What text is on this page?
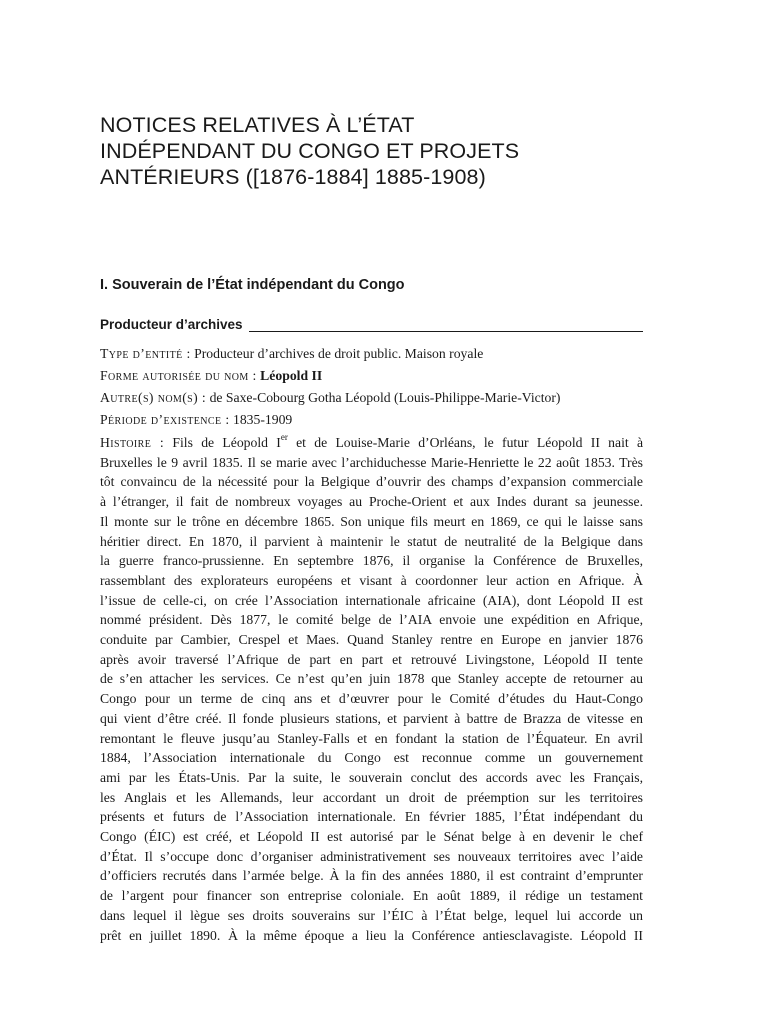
NOTICES RELATIVES À L’ÉTAT
INDÉPENDANT DU CONGO ET PROJETS
ANTÉRIEURS ([1876-1884] 1885-1908)
I. Souverain de l’État indépendant du Congo
Producteur d’archives

Type d’entité : Producteur d’archives de droit public. Maison royale

Forme autorisée du nom : Léopold II

Autre(s) nom(s) : de Saxe-Cobourg Gotha Léopold (Louis-Philippe-Marie-Victor)

Période d’existence : 1835-1909

Histoire : Fils de Léopold Ier et de Louise-Marie d’Orléans, le futur Léopold II nait à
Bruxelles le 9 avril 1835. Il se marie avec l’archiduchesse Marie-Henriette le 22 août 1853. Très
tôt convaincu de la nécessité pour la Belgique d’ouvrir des champs d’expansion commerciale
à l’étranger, il fait de nombreux voyages au Proche-Orient et aux Indes durant sa jeunesse.
Il monte sur le trône en décembre 1865. Son unique fils meurt en 1869, ce qui le laisse sans
héritier direct. En 1870, il parvient à maintenir le statut de neutralité de la Belgique dans
la guerre franco-prussienne. En septembre 1876, il organise la Conférence de Bruxelles,
rassemblant des explorateurs européens et visant à coordonner leur action en Afrique. À
l’issue de celle-ci, on crée l’Association internationale africaine (AIA), dont Léopold II est
nommé président. Dès 1877, le comité belge de l’AIA envoie une expédition en Afrique,
conduite par Cambier, Crespel et Maes. Quand Stanley rentre en Europe en janvier 1876
après avoir traversé l’Afrique de part en part et retrouvé Livingstone, Léopold II tente
de s’en attacher les services. Ce n’est qu’en juin 1878 que Stanley accepte de retourner au
Congo pour un terme de cinq ans et d’œuvrer pour le Comité d’études du Haut-Congo
qui vient d’être créé. Il fonde plusieurs stations, et parvient à battre de Brazza de vitesse en
remontant le fleuve jusqu’au Stanley-Falls et en fondant la station de l’Équateur. En avril
1884, l’Association internationale du Congo est reconnue comme un gouvernement
ami par les États-Unis. Par la suite, le souverain conclut des accords avec les Français,
les Anglais et les Allemands, leur accordant un droit de préemption sur les territoires
présents et futurs de l’Association internationale. En février 1885, l’État indépendant du
Congo (ÉIC) est créé, et Léopold II est autorisé par le Sénat belge à en devenir le chef
d’État. Il s’occupe donc d’organiser administrativement ses nouveaux territoires avec l’aide
d’officiers recrutés dans l’armée belge. À la fin des années 1880, il est contraint d’emprunter
de l’argent pour financer son entreprise coloniale. En août 1889, il rédige un testament
dans lequel il lègue ses droits souverains sur l’ÉIC à l’État belge, lequel lui accorde un
prêt en juillet 1890. À la même époque a lieu la Conférence antiesclavagiste. Léopold II
